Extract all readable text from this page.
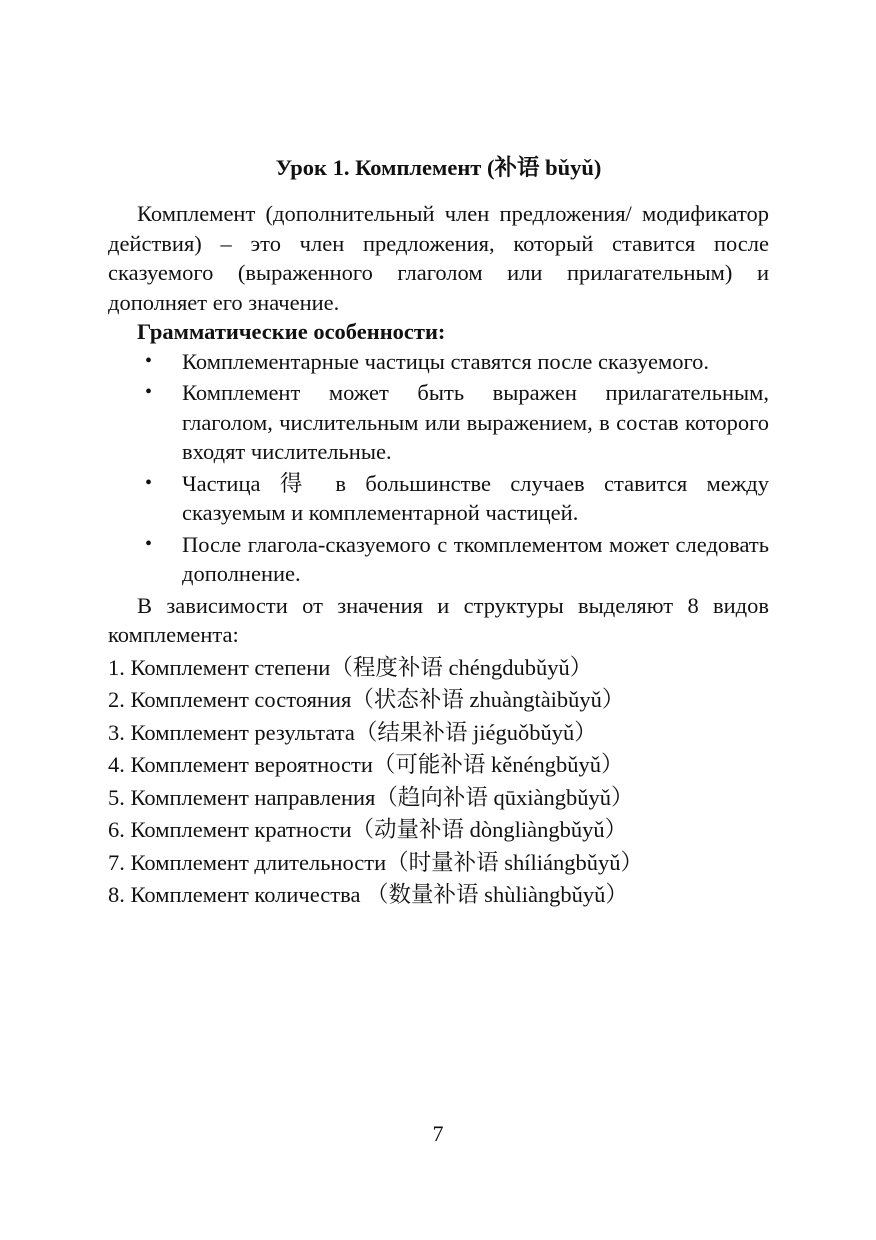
Урок 1. Комплемент (补语 bǔyǔ)

Комплемент (дополнительный член предложения/ модификатор действия) – это член предложения, который ставится после сказуемого (выраженного глаголом или прилагательным) и дополняет его значение.

Грамматические особенности:

• Комплементарные частицы ставятся после сказуемого.
• Комплемент может быть выражен прилагательным, глаголом, числительным или выражением, в состав которого входят числительные.
• Частица 得 в большинстве случаев ставится между сказуемым и комплементарной частицей.
• После глагола-сказуемого с ткомплементом может следовать дополнение.

В зависимости от значения и структуры выделяют 8 видов комплемента:

1. Комплемент степени（程度补语 chéngdubǔyǔ）
2. Комплемент состояния（状态补语 zhuàngtàibǔyǔ）
3. Комплемент результата（结果补语 jiéguǒbǔyǔ）
4. Комплемент вероятности（可能补语 kěnéngbǔyǔ）
5. Комплемент направления（趋向补语 qūxiàngbǔyǔ）
6. Комплемент кратности（动量补语 dòngliàngbǔyǔ）
7. Комплемент длительности（时量补语 shíliángbǔyǔ）
8. Комплемент количества （数量补语 shùliàngbǔyǔ）
7
